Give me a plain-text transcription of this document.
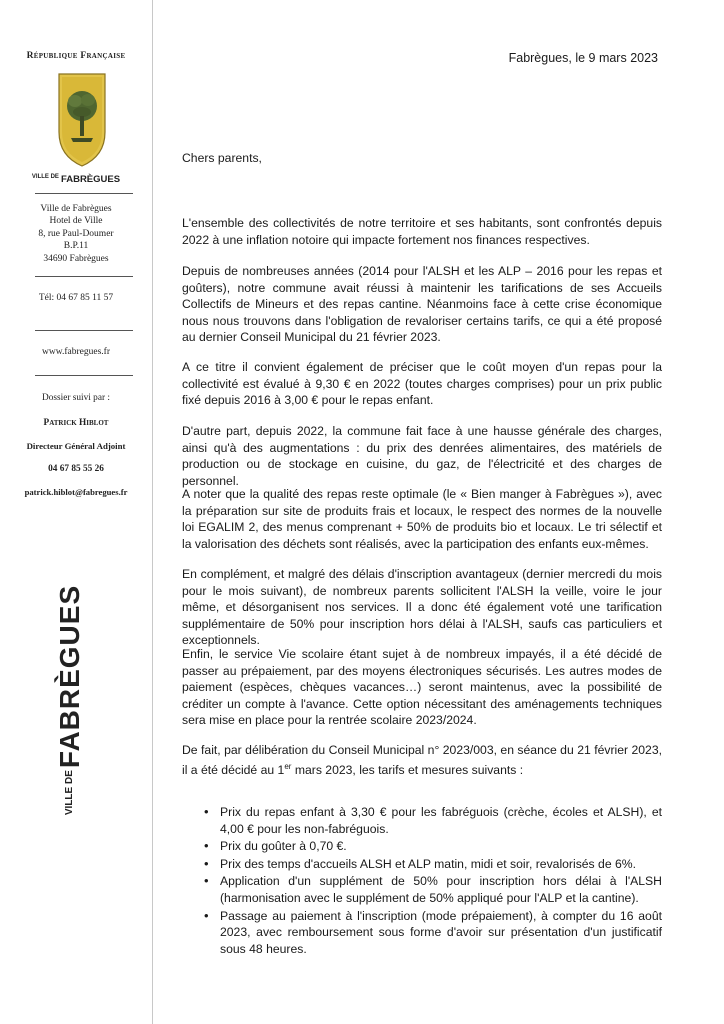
République Française
$^{VILLE DE}$ FABRÈGUES
Ville de Fabrègues
Hotel de Ville
8, rue Paul-Doumer
B.P.11
34690 Fabrègues
Tél: 04 67 85 11 57
www.fabregues.fr
Dossier suivi par :
Patrick Hiblot
Directeur Général Adjoint
04 67 85 55 26
patrick.hiblot@fabregues.fr
VILLE DE
FABRÈGUES
Fabrègues, le 9 mars 2023

Chers parents,

L'ensemble des collectivités de notre territoire et ses habitants, sont confrontés depuis 2022 à une inflation notoire qui impacte fortement nos finances respectives.

Depuis de nombreuses années (2014 pour l'ALSH et les ALP – 2016 pour les repas et goûters), notre commune avait réussi à maintenir les tarifications de ses Accueils Collectifs de Mineurs et des repas cantine. Néanmoins face à cette crise économique nous nous trouvons dans l'obligation de revaloriser certains tarifs, ce qui a été proposé au dernier Conseil Municipal du 21 février 2023.

A ce titre il convient également de préciser que le coût moyen d'un repas pour la collectivité est évalué à 9,30 € en 2022 (toutes charges comprises) pour un prix public fixé depuis 2016 à 3,00 € pour le repas enfant.

D'autre part, depuis 2022, la commune fait face à une hausse générale des charges, ainsi qu'à des augmentations : du prix des denrées alimentaires, des matériels de production ou de stockage en cuisine, du gaz, de l'électricité et des charges de personnel.

A noter que la qualité des repas reste optimale (le « Bien manger à Fabrègues »), avec la préparation sur site de produits frais et locaux, le respect des normes de la nouvelle loi EGALIM 2, des menus comprenant + 50% de produits bio et locaux. Le tri sélectif et la valorisation des déchets sont réalisés, avec la participation des enfants eux-mêmes.

En complément, et malgré des délais d'inscription avantageux (dernier mercredi du mois pour le mois suivant), de nombreux parents sollicitent l'ALSH la veille, voire le jour même, et désorganisent nos services. Il a donc été également voté une tarification supplémentaire de 50% pour inscription hors délai à l'ALSH, saufs cas particuliers et exceptionnels.

Enfin, le service Vie scolaire étant sujet à de nombreux impayés, il a été décidé de passer au prépaiement, par des moyens électroniques sécurisés. Les autres modes de paiement (espèces, chèques vacances…) seront maintenus, avec la possibilité de créditer un compte à l'avance. Cette option nécessitant des aménagements techniques sera mise en place pour la rentrée scolaire 2023/2024.

De fait, par délibération du Conseil Municipal n° 2023/003, en séance du 21 février 2023, il a été décidé au 1er mars 2023, les tarifs et mesures suivants :

• Prix du repas enfant à 3,30 € pour les fabréguois (crèche, écoles et ALSH), et 4,00 € pour les non-fabréguois.
• Prix du goûter à 0,70 €.
• Prix des temps d'accueils ALSH et ALP matin, midi et soir, revalorisés de 6%.
• Application d'un supplément de 50% pour inscription hors délai à l'ALSH (harmonisation avec le supplément de 50% appliqué pour l'ALP et la cantine).
• Passage au paiement à l'inscription (mode prépaiement), à compter du 16 août 2023, avec remboursement sous forme d'avoir sur présentation d'un justificatif sous 48 heures.
